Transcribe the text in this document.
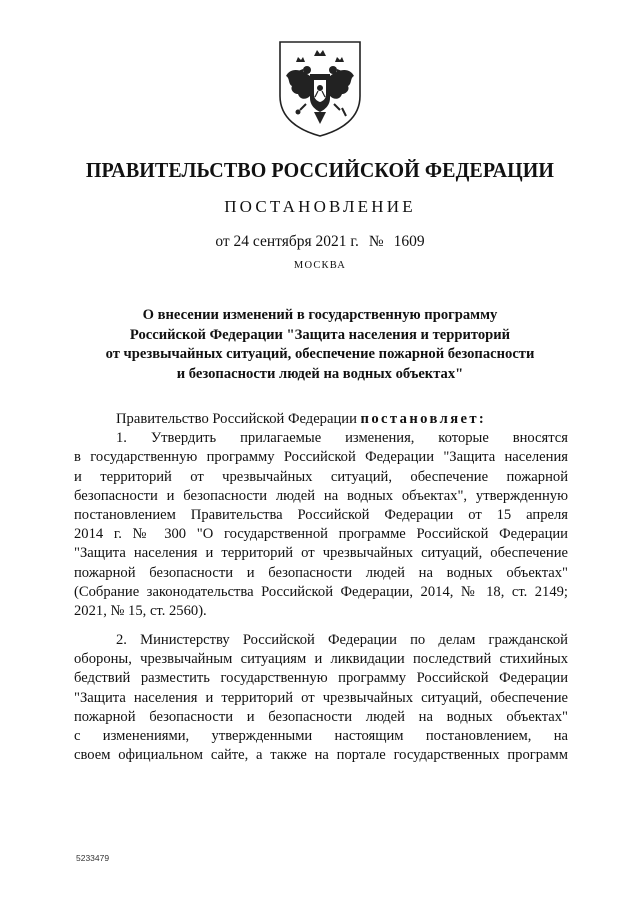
ПРАВИТЕЛЬСТВО РОССИЙСКОЙ ФЕДЕРАЦИИ
ПОСТАНОВЛЕНИЕ
от 24 сентября 2021 г. № 1609
МОСКВА
О внесении изменений в государственную программу
Российской Федерации "Защита населения и территорий
от чрезвычайных ситуаций, обеспечение пожарной безопасности
и безопасности людей на водных объектах"
Правительство Российской Федерации постановляет:
1. Утвердить прилагаемые изменения, которые вносятся
в государственную программу Российской Федерации "Защита населения
и территорий от чрезвычайных ситуаций, обеспечение пожарной
безопасности и безопасности людей на водных объектах", утвержденную
постановлением Правительства Российской Федерации от 15 апреля
2014 г. № 300 "О государственной программе Российской Федерации
"Защита населения и территорий от чрезвычайных ситуаций, обеспечение
пожарной безопасности и безопасности людей на водных объектах"
(Собрание законодательства Российской Федерации, 2014, № 18, ст. 2149;
2021, № 15, ст. 2560).
2. Министерству Российской Федерации по делам гражданской
обороны, чрезвычайным ситуациям и ликвидации последствий стихийных
бедствий разместить государственную программу Российской Федерации
"Защита населения и территорий от чрезвычайных ситуаций, обеспечение
пожарной безопасности и безопасности людей на водных объектах"
с изменениями, утвержденными настоящим постановлением, на
своем официальном сайте, а также на портале государственных программ
5233479
